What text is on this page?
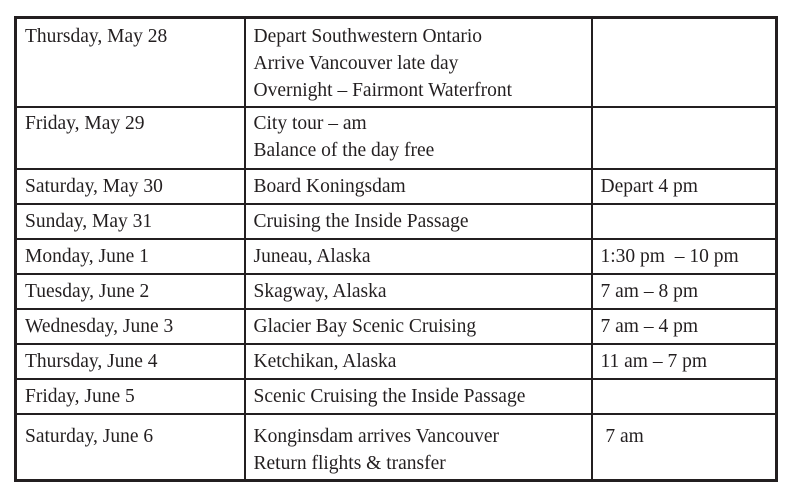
Thursday, May 28	Depart Southwestern Ontario
Arrive Vancouver late day
Overnight – Fairmont Waterfront	

Friday, May 29	City tour – am
Balance of the day free	

Saturday, May 30	Board Koningsdam	Depart 4 pm

Sunday, May 31	Cruising the Inside Passage	

Monday, June 1	Juneau, Alaska	1:30 pm  – 10 pm

Tuesday, June 2	Skagway, Alaska	7 am – 8 pm

Wednesday, June 3	Glacier Bay Scenic Cruising	7 am – 4 pm

Thursday, June 4	Ketchikan, Alaska	11 am – 7 pm

Friday, June 5	Scenic Cruising the Inside Passage	

Saturday, June 6	Konginsdam arrives Vancouver
Return flights & transfer	7 am
